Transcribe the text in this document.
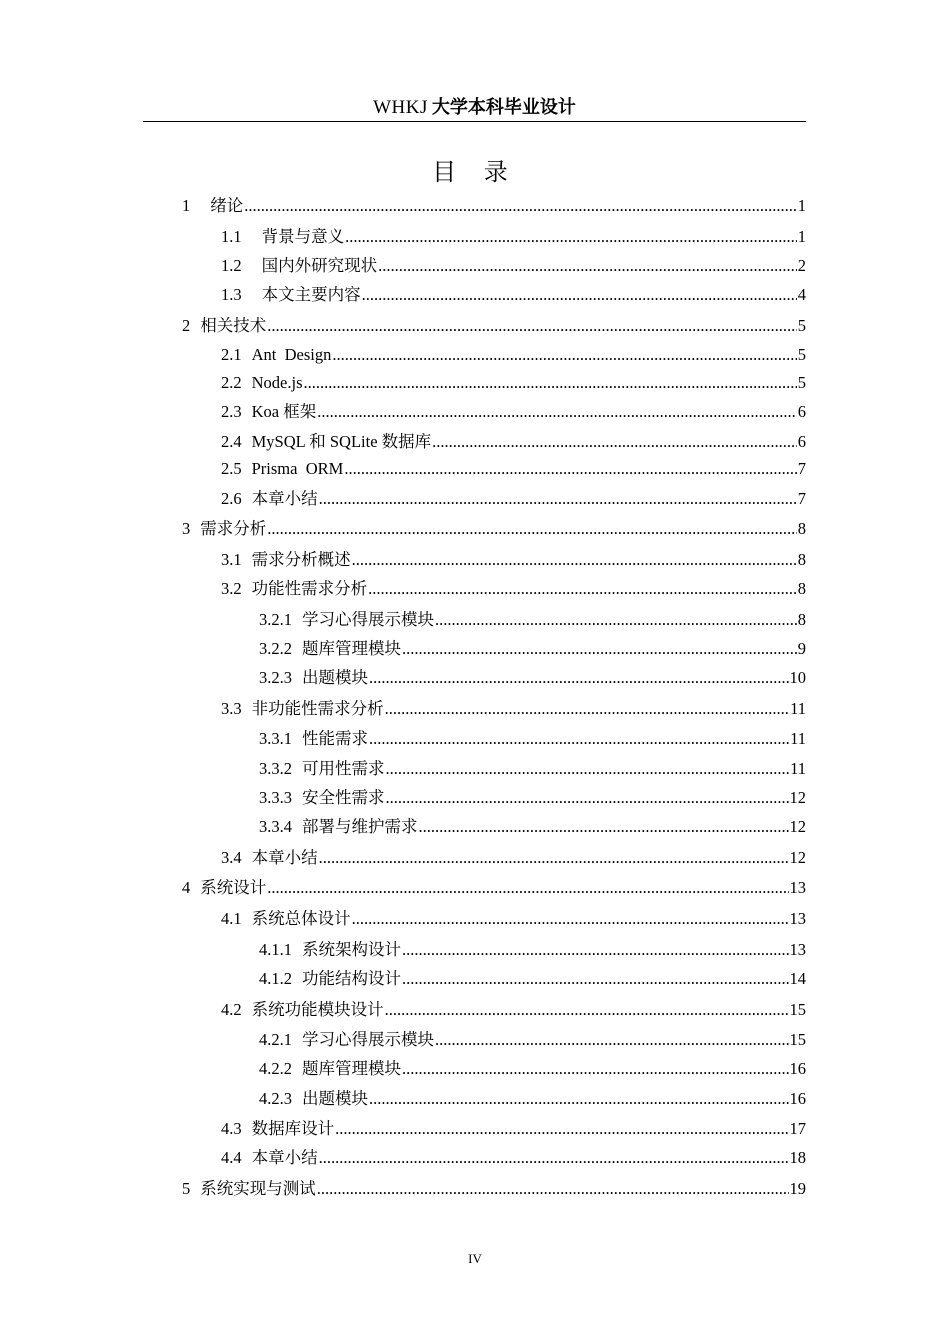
WHKJ 大学本科毕业设计
目 录
1 绪论 .....	1
1.1 背景与意义 .....	1
1.2 国内外研究现状 .....	2
1.3 本文主要内容 .....	4
2 相关技术 .....	5
2.1 Ant  Design .....	5
2.2 Node.js .....	5
2.3 Koa 框架 .....	6
2.4 MySQL 和 SQLite 数据库 .....	6
2.5 Prisma  ORM .....	7
2.6 本章小结 .....	7
3 需求分析 .....	8
3.1 需求分析概述 .....	8
3.2 功能性需求分析 .....	8
3.2.1 学习心得展示模块 .....	8
3.2.2 题库管理模块 .....	9
3.2.3 出题模块 .....	10
3.3 非功能性需求分析 .....	11
3.3.1 性能需求 .....	11
3.3.2 可用性需求 .....	11
3.3.3 安全性需求 .....	12
3.3.4 部署与维护需求 .....	12
3.4 本章小结 .....	12
4 系统设计 .....	13
4.1 系统总体设计 .....	13
4.1.1 系统架构设计 .....	13
4.1.2 功能结构设计 .....	14
4.2 系统功能模块设计 .....	15
4.2.1 学习心得展示模块 .....	15
4.2.2 题库管理模块 .....	16
4.2.3 出题模块 .....	16
4.3 数据库设计 .....	17
4.4 本章小结 .....	18
5 系统实现与测试 .....	19
IV
